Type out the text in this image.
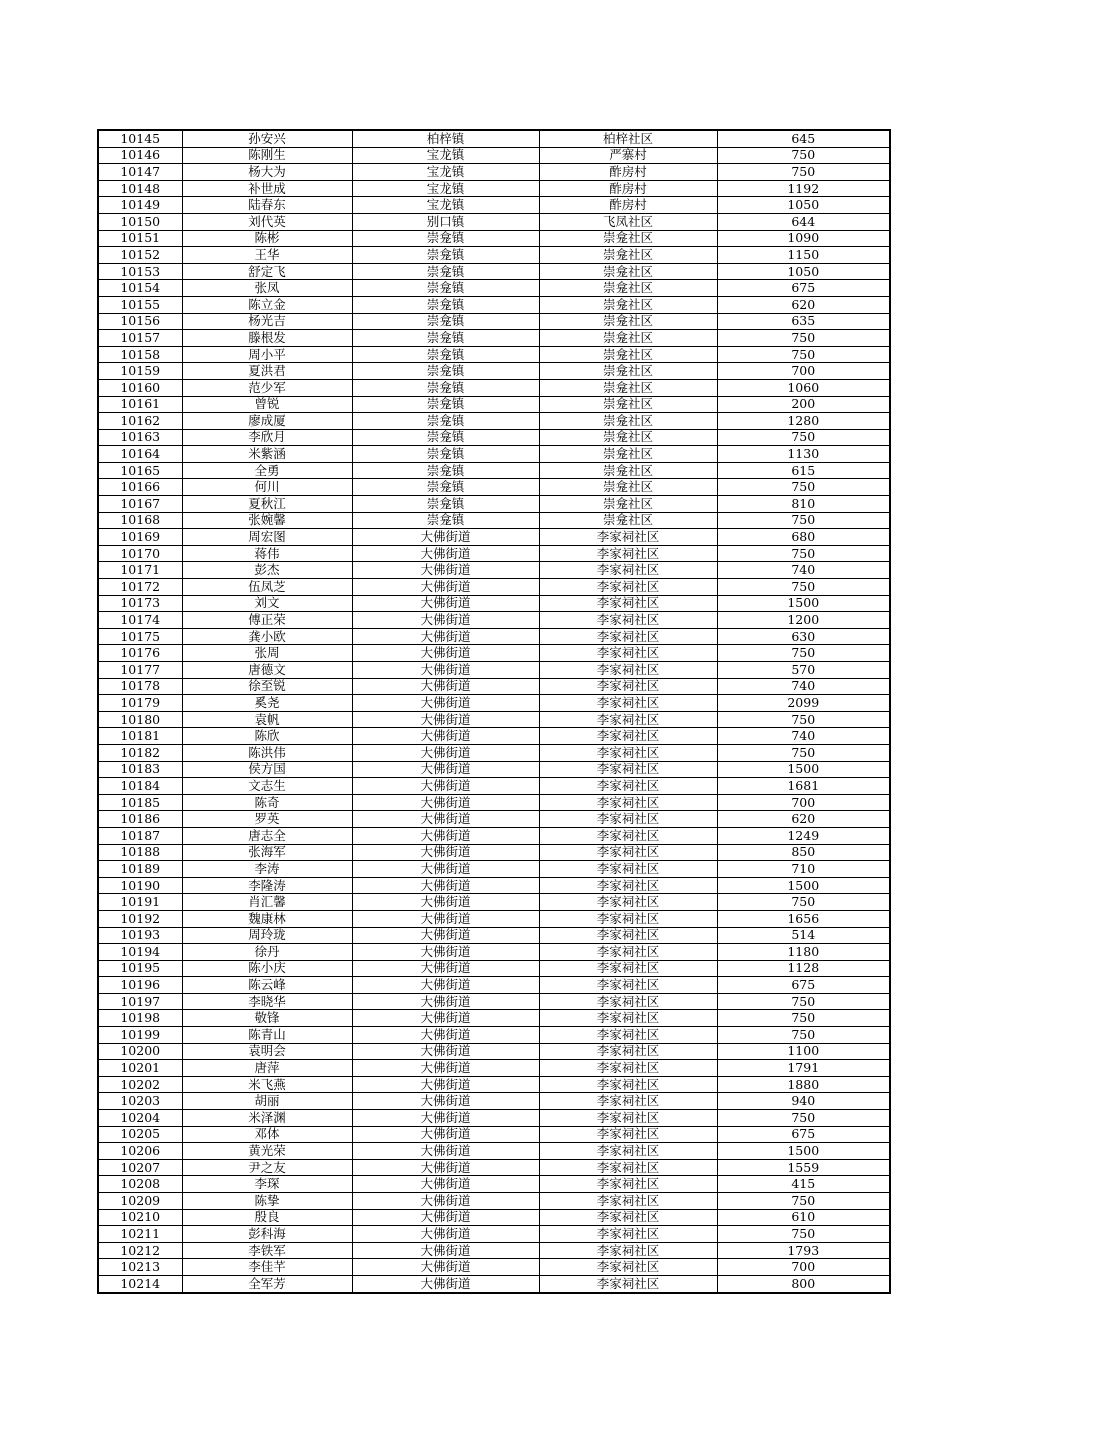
10145	孙安兴	柏梓镇	柏梓社区	645
10146	陈刚生	宝龙镇	严寨村	750
10147	杨大为	宝龙镇	酢房村	750
10148	补世成	宝龙镇	酢房村	1192
10149	陆春东	宝龙镇	酢房村	1050
10150	刘代英	别口镇	飞凤社区	644
10151	陈彬	崇龛镇	崇龛社区	1090
10152	王华	崇龛镇	崇龛社区	1150
10153	舒定飞	崇龛镇	崇龛社区	1050
10154	张凤	崇龛镇	崇龛社区	675
10155	陈立金	崇龛镇	崇龛社区	620
10156	杨光吉	崇龛镇	崇龛社区	635
10157	滕根发	崇龛镇	崇龛社区	750
10158	周小平	崇龛镇	崇龛社区	750
10159	夏洪君	崇龛镇	崇龛社区	700
10160	范少军	崇龛镇	崇龛社区	1060
10161	曾锐	崇龛镇	崇龛社区	200
10162	廖成厦	崇龛镇	崇龛社区	1280
10163	李欣月	崇龛镇	崇龛社区	750
10164	米紫涵	崇龛镇	崇龛社区	1130
10165	全勇	崇龛镇	崇龛社区	615
10166	何川	崇龛镇	崇龛社区	750
10167	夏秋江	崇龛镇	崇龛社区	810
10168	张婉馨	崇龛镇	崇龛社区	750
10169	周宏图	大佛街道	李家祠社区	680
10170	蒋伟	大佛街道	李家祠社区	750
10171	彭杰	大佛街道	李家祠社区	740
10172	伍凤芝	大佛街道	李家祠社区	750
10173	刘文	大佛街道	李家祠社区	1500
10174	傅正荣	大佛街道	李家祠社区	1200
10175	龚小欧	大佛街道	李家祠社区	630
10176	张周	大佛街道	李家祠社区	750
10177	唐德文	大佛街道	李家祠社区	570
10178	徐至锐	大佛街道	李家祠社区	740
10179	奚尧	大佛街道	李家祠社区	2099
10180	袁帆	大佛街道	李家祠社区	750
10181	陈欣	大佛街道	李家祠社区	740
10182	陈洪伟	大佛街道	李家祠社区	750
10183	侯方国	大佛街道	李家祠社区	1500
10184	文志生	大佛街道	李家祠社区	1681
10185	陈奇	大佛街道	李家祠社区	700
10186	罗英	大佛街道	李家祠社区	620
10187	唐志全	大佛街道	李家祠社区	1249
10188	张海军	大佛街道	李家祠社区	850
10189	李涛	大佛街道	李家祠社区	710
10190	李隆涛	大佛街道	李家祠社区	1500
10191	肖汇馨	大佛街道	李家祠社区	750
10192	魏康林	大佛街道	李家祠社区	1656
10193	周玲珑	大佛街道	李家祠社区	514
10194	徐丹	大佛街道	李家祠社区	1180
10195	陈小庆	大佛街道	李家祠社区	1128
10196	陈云峰	大佛街道	李家祠社区	675
10197	李晓华	大佛街道	李家祠社区	750
10198	敬锋	大佛街道	李家祠社区	750
10199	陈青山	大佛街道	李家祠社区	750
10200	袁明会	大佛街道	李家祠社区	1100
10201	唐萍	大佛街道	李家祠社区	1791
10202	米飞燕	大佛街道	李家祠社区	1880
10203	胡丽	大佛街道	李家祠社区	940
10204	米泽渊	大佛街道	李家祠社区	750
10205	邓体	大佛街道	李家祠社区	675
10206	黄光荣	大佛街道	李家祠社区	1500
10207	尹之友	大佛街道	李家祠社区	1559
10208	李琛	大佛街道	李家祠社区	415
10209	陈挚	大佛街道	李家祠社区	750
10210	殷良	大佛街道	李家祠社区	610
10211	彭科海	大佛街道	李家祠社区	750
10212	李铁军	大佛街道	李家祠社区	1793
10213	李佳芊	大佛街道	李家祠社区	700
10214	全军芳	大佛街道	李家祠社区	800
